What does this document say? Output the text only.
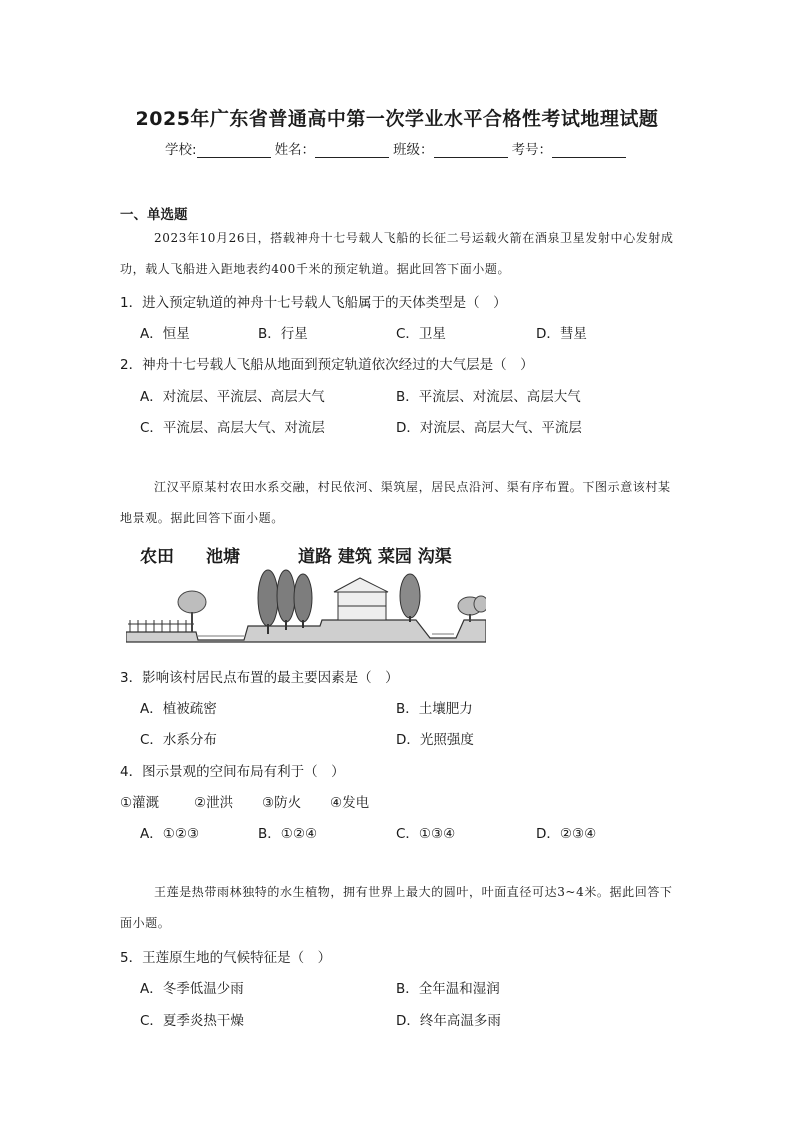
2025年广东省普通高中第一次学业水平合格性考试地理试题
学校:	姓名：	班级：	考号：
一、单选题
2023年10月26日，搭载神舟十七号载人飞船的长征二号运载火箭在酒泉卫星发射中心发射成功，载人飞船进入距地表约400千米的预定轨道。据此回答下面小题。
1．进入预定轨道的神舟十七号载人飞船属于的天体类型是（　）
A．恒星	B．行星	C．卫星	D．彗星
2．神舟十七号载人飞船从地面到预定轨道依次经过的大气层是（　）
A．对流层、平流层、高层大气	B．平流层、对流层、高层大气
C．平流层、高层大气、对流层	D．对流层、高层大气、平流层
江汉平原某村农田水系交融，村民依河、渠筑屋，居民点沿河、渠有序布置。下图示意该村某地景观。据此回答下面小题。
农田 池塘	道路 建筑 菜园 沟渠
3．影响该村居民点布置的最主要因素是（　）
A．植被疏密	B．土壤肥力
C．水系分布	D．光照强度
4．图示景观的空间布局有利于（　）
①灌溉	②泄洪 ③防火 ④发电
A．①②③	B．①②④	C．①③④	D．②③④
王莲是热带雨林独特的水生植物，拥有世界上最大的圆叶，叶面直径可达3~4米。据此回答下面小题。
5．王莲原生地的气候特征是（　）
A．冬季低温少雨	B．全年温和湿润
C．夏季炎热干燥	D．终年高温多雨
